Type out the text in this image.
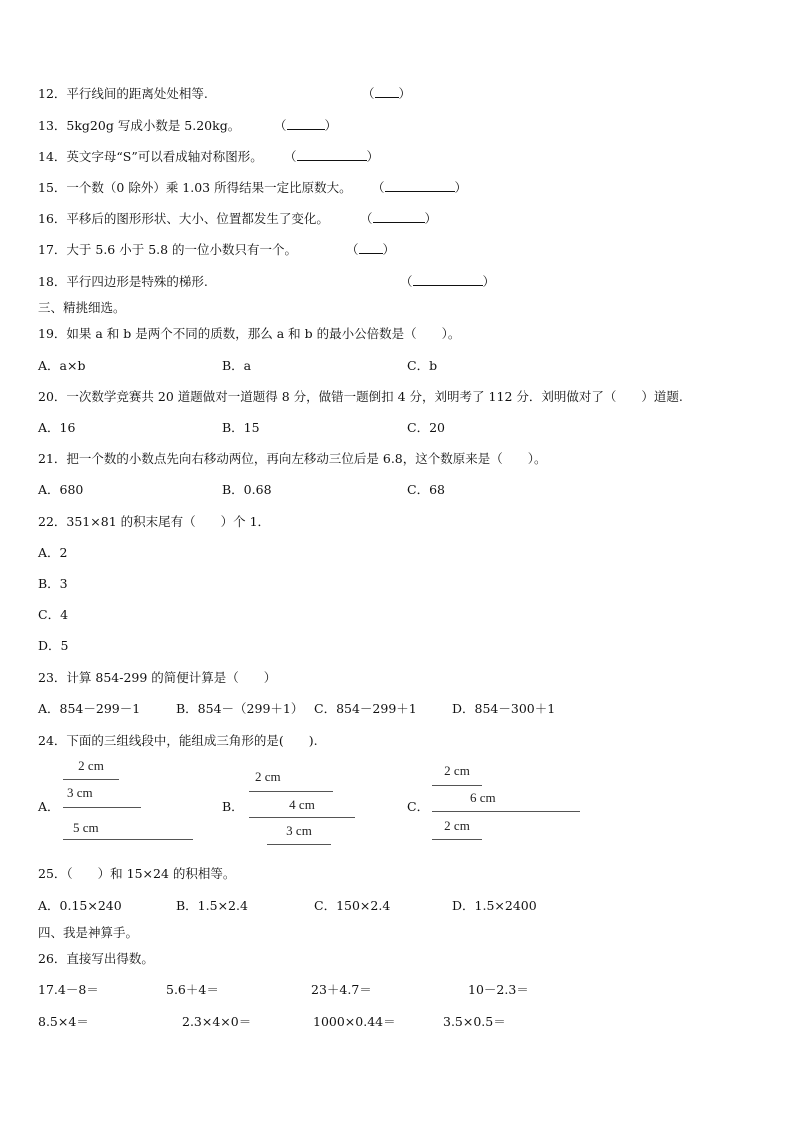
12．平行线间的距离处处相等.	（ ）
13．5kg20g 写成小数是 5.20kg。	（	）
14．英文字母“S”可以看成轴对称图形。 （	）
15．一个数（0 除外）乘 1.03 所得结果一定比原数大。 （	）
16．平移后的图形形状、大小、位置都发生了变化。 （	）
17．大于 5.6 小于 5.8 的一位小数只有一个。	（ ）
18．平行四边形是特殊的梯形.	（	）
三、精挑细选。
19．如果 a 和 b 是两个不同的质数，那么 a 和 b 的最小公倍数是（　　）。
A．a×b	B．a	C．b
20．一次数学竞赛共 20 道题做对一道题得 8 分，做错一题倒扣 4 分，刘明考了 112 分．刘明做对了（　　）道题.
A．16	B．15	C．20
21．把一个数的小数点先向右移动两位，再向左移动三位后是 6.8，这个数原来是（　　）。
A．680	B．0.68	C．68
22．351×81 的积末尾有（　　）个 1．
A．2
B．3
C．4
D．5
23．计算 854-299 的简便计算是（　　）
A．854－299－1	B．854－（299＋1） C．854－299＋1	D．854－300＋1
24．下面的三组线段中，能组成三角形的是(　　).
A．
2 cm
3 cm
5 cm
B．
2 cm
4 cm
3 cm
C．
2 cm
6 cm
2 cm
25．（　　）和 15×24 的积相等。
A．0.15×240	B．1.5×2.4	C．150×2.4	D．1.5×2400
四、我是神算手。
26．直接写出得数。
17.4－8＝	5.6＋4＝	23＋4.7＝	10－2.3＝
8.5×4＝	2.3×4×0＝	1000×0.44＝	3.5×0.5＝
